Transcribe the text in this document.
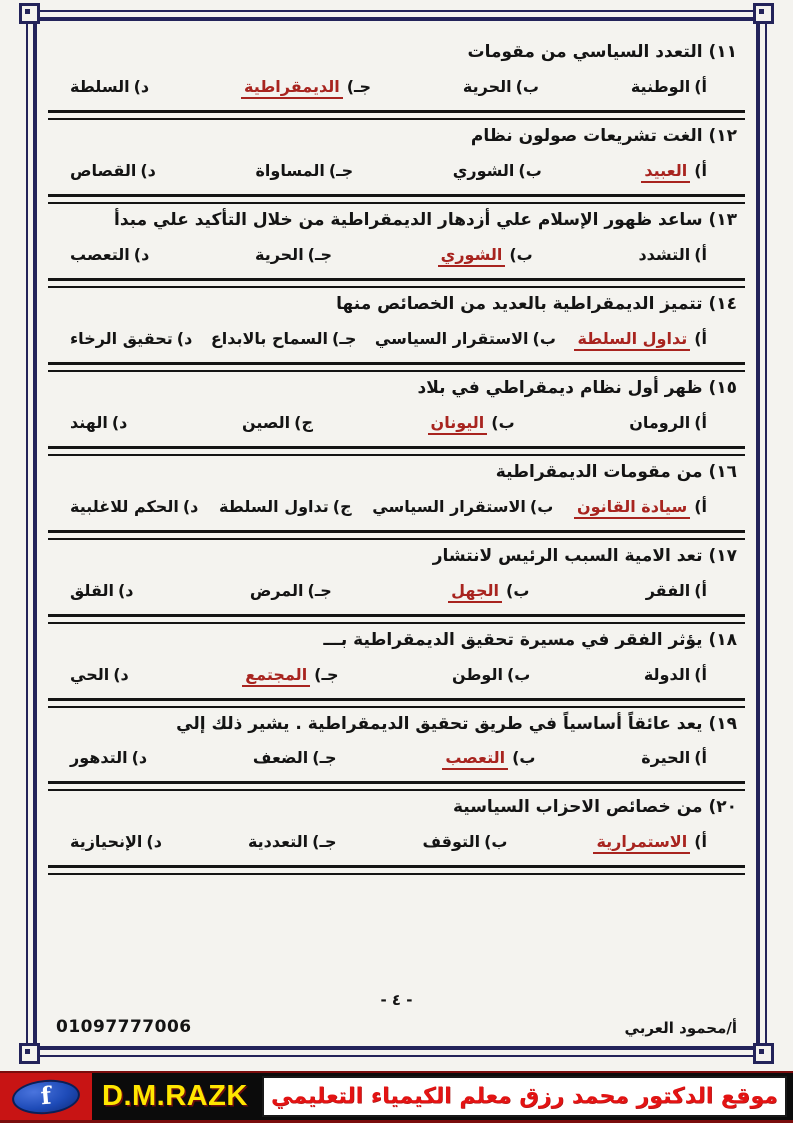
١١) التعدد السياسي من مقومات
أ)الوطنية
ب)الحرية
جـ)الديمقراطية
د)السلطة
١٢) الغت تشريعات صولون نظام
أ)العبيد
ب)الشوري
جـ)المساواة
د)القصاص
١٣) ساعد ظهور الإسلام علي أزدهار الديمقراطية من خلال التأكيد علي مبدأ
أ)التشدد
ب)الشوري
جـ)الحرية
د)التعصب
١٤) تتميز الديمقراطية بالعديد من الخصائص منها
أ)تداول السلطة
ب)الاستقرار السياسي
جـ)السماح بالابداع
د)تحقيق الرخاء
١٥) ظهر أول نظام ديمقراطي في بلاد
أ)الرومان
ب)اليونان
ج)الصين
د)الهند
١٦) من مقومات الديمقراطية
أ)سيادة القانون
ب)الاستقرار السياسي
ج)تداول السلطة
د)الحكم للاغلبية
١٧) تعد الامية السبب الرئيس لانتشار
أ)الفقر
ب)الجهل
جـ)المرض
د)القلق
١٨) يؤثر الفقر في مسيرة تحقيق الديمقراطية بـــ
أ)الدولة
ب)الوطن
جـ)المجتمع
د)الحي
١٩) يعد عائقاً أساسياً في طريق تحقيق الديمقراطية . يشير ذلك إلي
أ)الحيرة
ب)التعصب
جـ)الضعف
د)التدهور
٢٠) من خصائص الاحزاب السياسية
أ)الاستمرارية
ب)التوقف
جـ)التعددية
د)الإنحيازية
- ٤ -
أ/محمود العربي
01097777006
f	D.M.RAZK	موقع الدكتور محمد رزق معلم الكيمياء التعليمي
